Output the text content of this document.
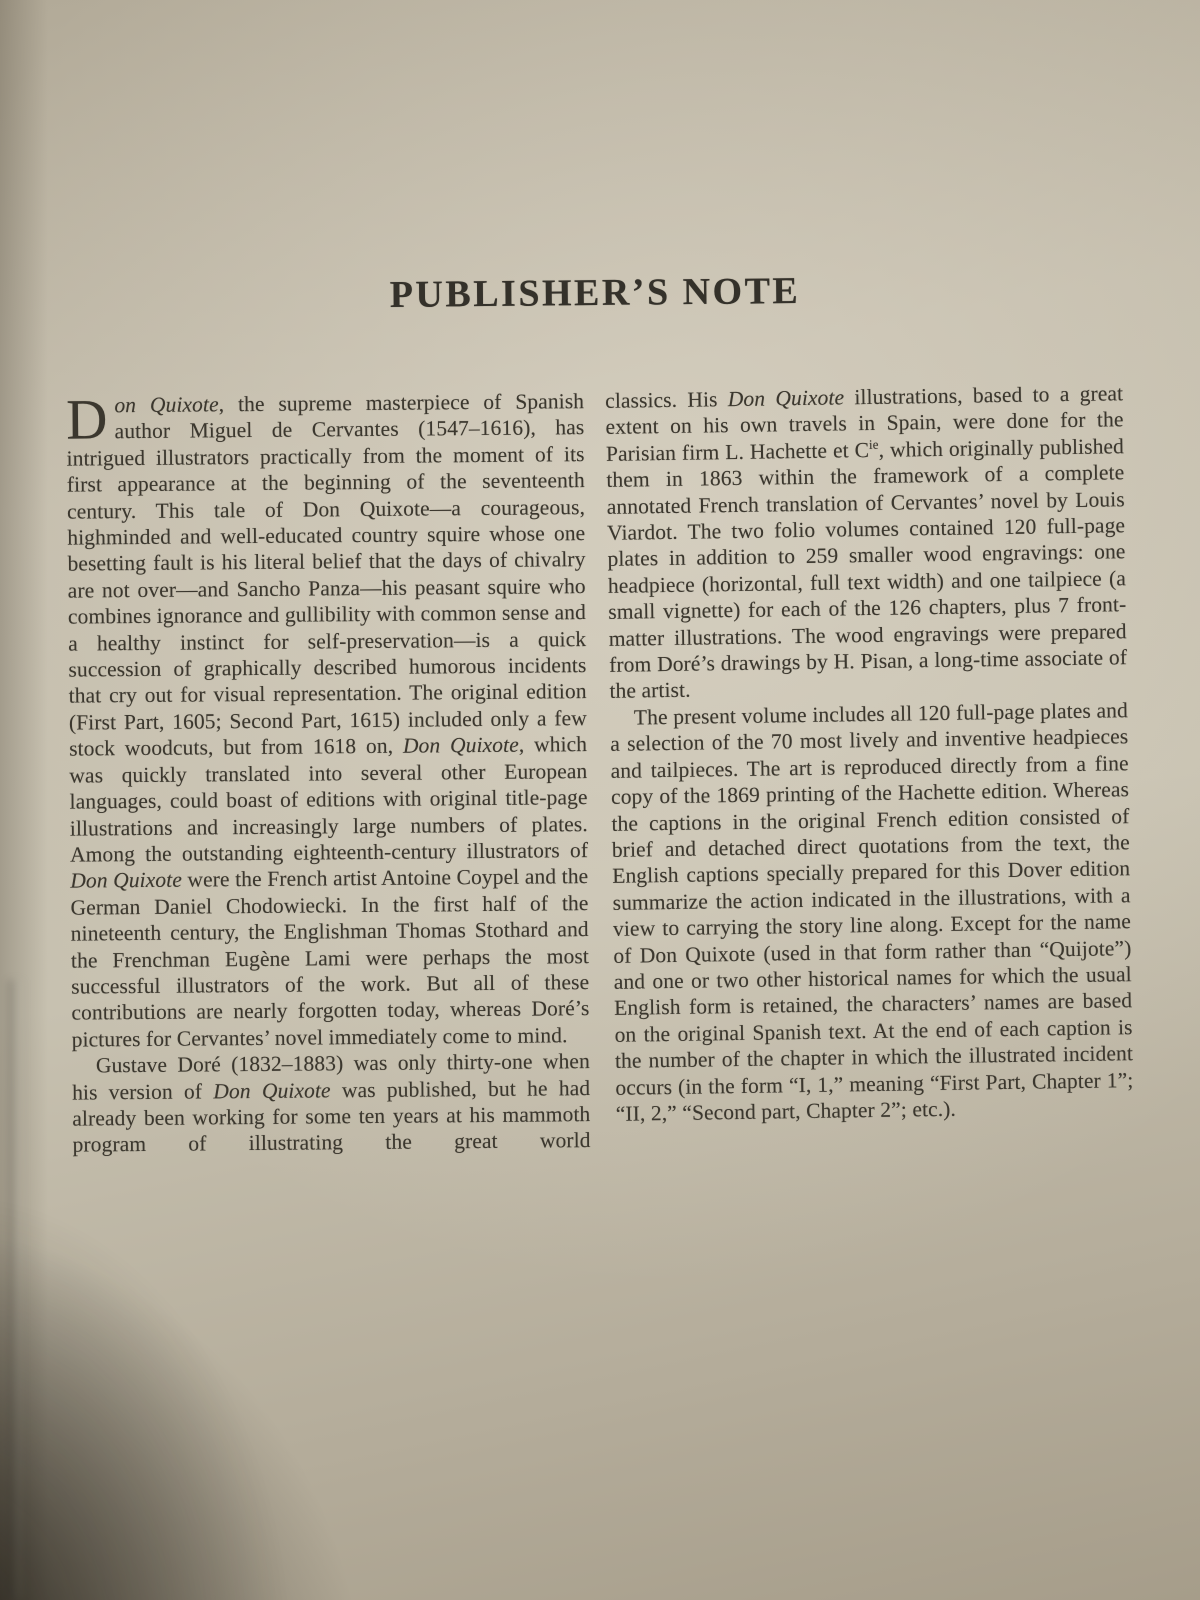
PUBLISHER’S NOTE

Don Quixote, the supreme masterpiece of Spanish author Miguel de Cervantes (1547–1616), has intrigued illustrators practically from the moment of its first appearance at the beginning of the seventeenth century. This tale of Don Quixote—a courageous, highminded and well-educated country squire whose one besetting fault is his literal belief that the days of chivalry are not over—and Sancho Panza—his peasant squire who combines ignorance and gullibility with common sense and a healthy instinct for self-preservation—is a quick succession of graphically described humorous incidents that cry out for visual representation. The original edition (First Part, 1605; Second Part, 1615) included only a few stock woodcuts, but from 1618 on, Don Quixote, which was quickly translated into several other European languages, could boast of editions with original title-page illustrations and increasingly large numbers of plates. Among the outstanding eighteenth-century illustrators of Don Quixote were the French artist Antoine Coypel and the German Daniel Chodowiecki. In the first half of the nineteenth century, the Englishman Thomas Stothard and the Frenchman Eugène Lami were perhaps the most successful illustrators of the work. But all of these contributions are nearly forgotten today, whereas Doré’s pictures for Cervantes’ novel immediately come to mind.

Gustave Doré (1832–1883) was only thirty-one when his version of Don Quixote was published, but he had already been working for some ten years at his mammoth program of illustrating the great world

classics. His Don Quixote illustrations, based to a great extent on his own travels in Spain, were done for the Parisian firm L. Hachette et $C^{ie}$, which originally published them in 1863 within the framework of a complete annotated French translation of Cervantes’ novel by Louis Viardot. The two folio volumes contained 120 full-page plates in addition to 259 smaller wood engravings: one headpiece (horizontal, full text width) and one tailpiece (a small vignette) for each of the 126 chapters, plus 7 front-matter illustrations. The wood engravings were prepared from Doré’s drawings by H. Pisan, a long-time associate of the artist.

The present volume includes all 120 full-page plates and a selection of the 70 most lively and inventive headpieces and tailpieces. The art is reproduced directly from a fine copy of the 1869 printing of the Hachette edition. Whereas the captions in the original French edition consisted of brief and detached direct quotations from the text, the English captions specially prepared for this Dover edition summarize the action indicated in the illustrations, with a view to carrying the story line along. Except for the name of Don Quixote (used in that form rather than “Quijote”) and one or two other historical names for which the usual English form is retained, the characters’ names are based on the original Spanish text. At the end of each caption is the number of the chapter in which the illustrated incident occurs (in the form “I, 1,” meaning “First Part, Chapter 1”; “II, 2,” “Second part, Chapter 2”; etc.).
